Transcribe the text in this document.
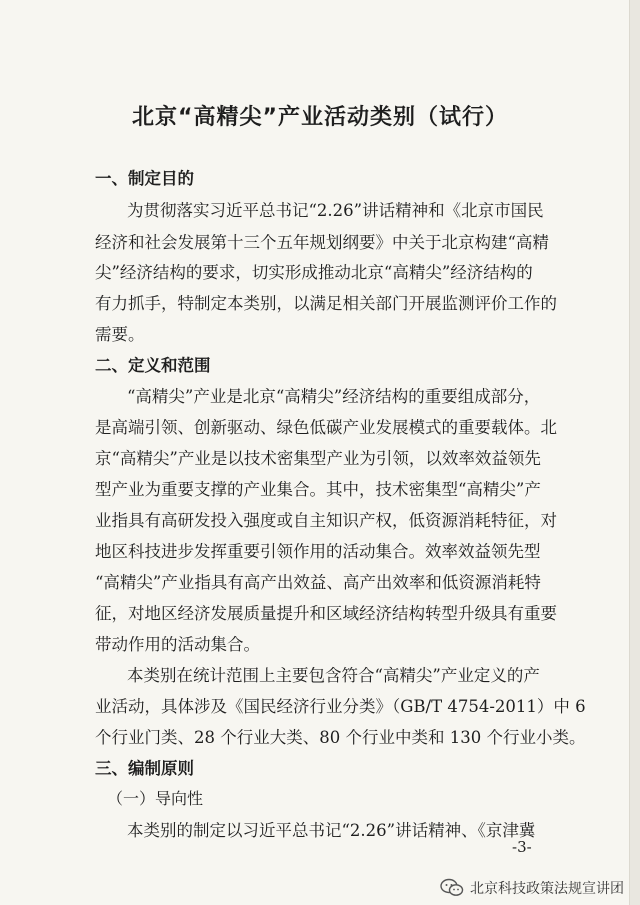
北京“高精尖”产业活动类别（试行）
一、制定目的
为贯彻落实习近平总书记“2.26”讲话精神和《北京市国民
经济和社会发展第十三个五年规划纲要》中关于北京构建“高精
尖”经济结构的要求，切实形成推动北京“高精尖”经济结构的
有力抓手，特制定本类别，以满足相关部门开展监测评价工作的
需要。
二、定义和范围
“高精尖”产业是北京“高精尖”经济结构的重要组成部分，
是高端引领、创新驱动、绿色低碳产业发展模式的重要载体。北
京“高精尖”产业是以技术密集型产业为引领，以效率效益领先
型产业为重要支撑的产业集合。其中，技术密集型“高精尖”产
业指具有高研发投入强度或自主知识产权，低资源消耗特征，对
地区科技进步发挥重要引领作用的活动集合。效率效益领先型
“高精尖”产业指具有高产出效益、高产出效率和低资源消耗特
征，对地区经济发展质量提升和区域经济结构转型升级具有重要
带动作用的活动集合。
本类别在统计范围上主要包含符合“高精尖”产业定义的产
业活动，具体涉及《国民经济行业分类》（GB/T 4754-2011）中 6
个行业门类、28 个行业大类、80 个行业中类和 130 个行业小类。
三、编制原则
（一）导向性
本类别的制定以习近平总书记“2.26”讲话精神、《京津冀
-3-
北京科技政策法规宣讲团
